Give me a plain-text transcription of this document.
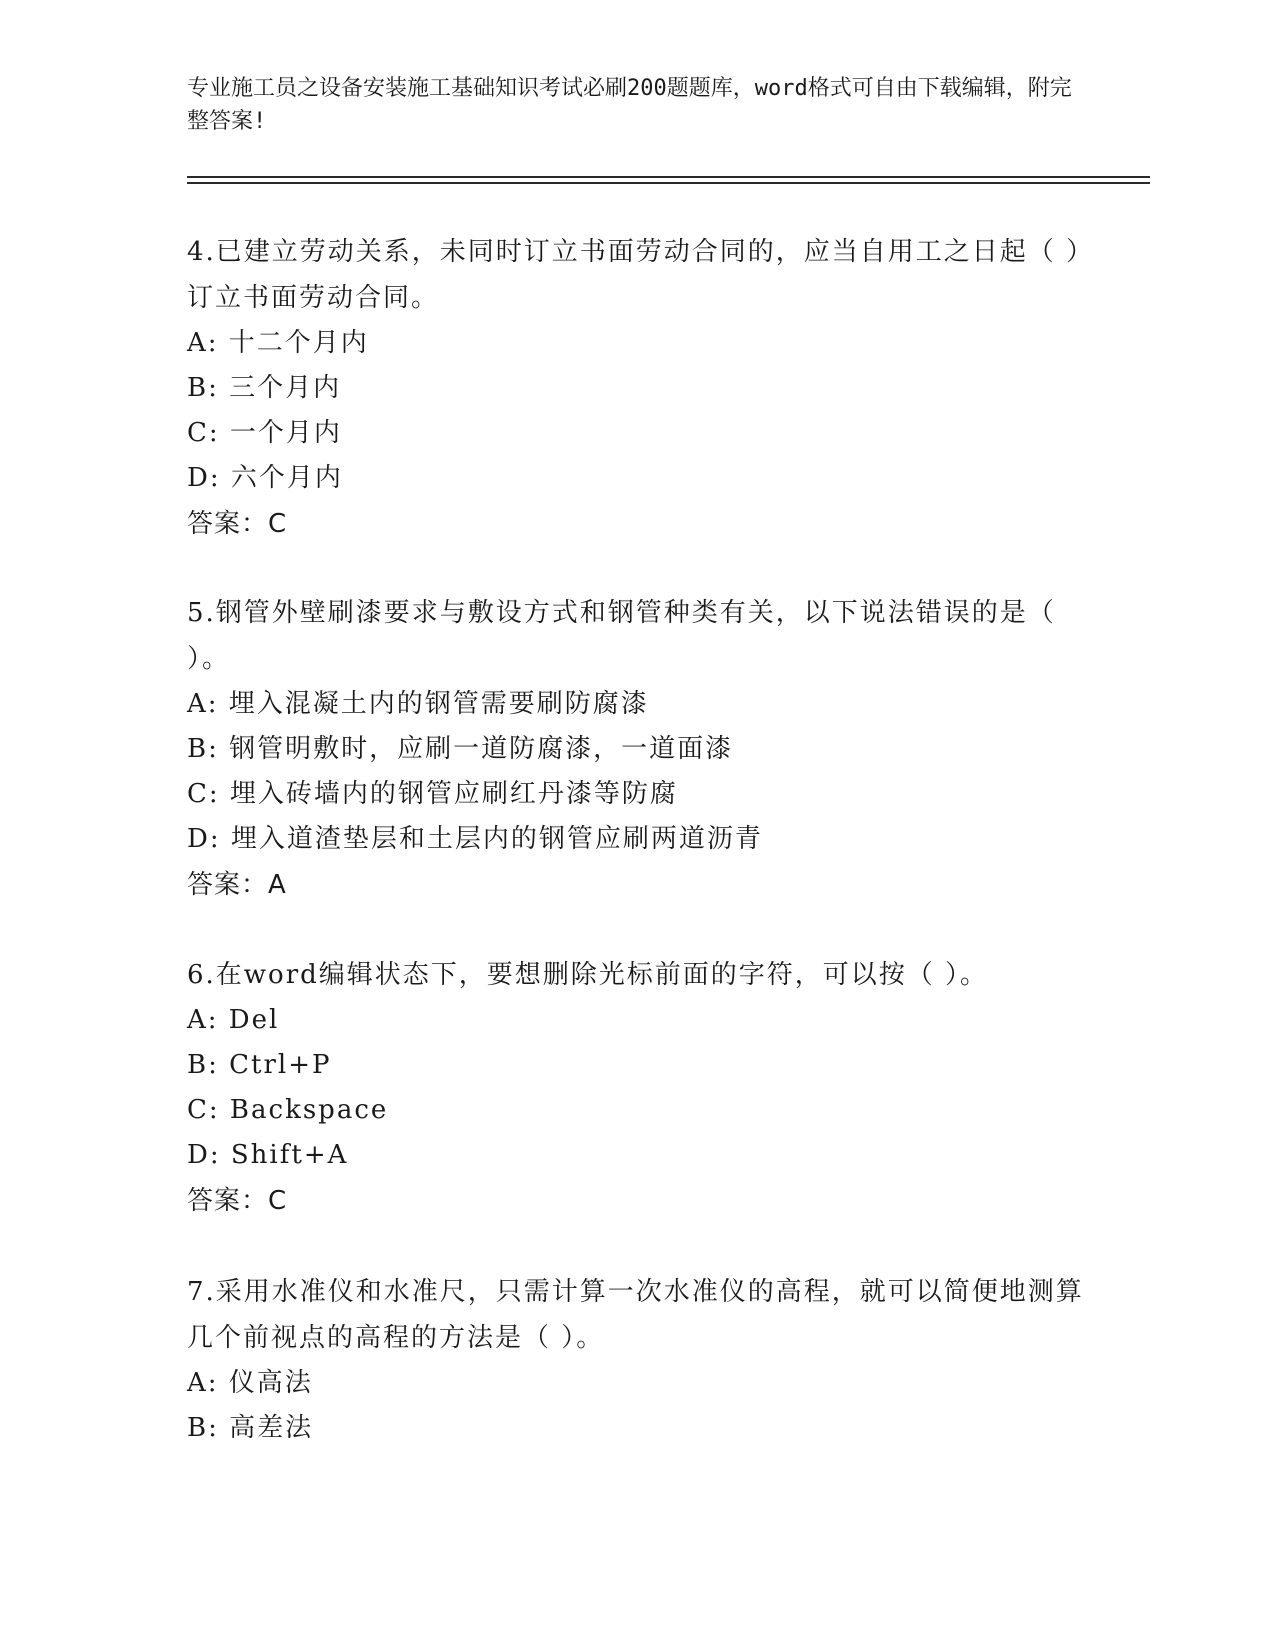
专业施工员之设备安装施工基础知识考试必刷200题题库，word格式可自由下载编辑，附完整答案!
4.已建立劳动关系，未同时订立书面劳动合同的，应当自用工之日起（ ）订立书面劳动合同。
A: 十二个月内
B: 三个月内
C: 一个月内
D: 六个月内
答案：C
5.钢管外壁刷漆要求与敷设方式和钢管种类有关，以下说法错误的是（ ）。
A: 埋入混凝土内的钢管需要刷防腐漆
B: 钢管明敷时，应刷一道防腐漆，一道面漆
C: 埋入砖墙内的钢管应刷红丹漆等防腐
D: 埋入道渣垫层和土层内的钢管应刷两道沥青
答案：A
6.在word编辑状态下，要想删除光标前面的字符，可以按（ ）。
A: Del
B: Ctrl+P
C: Backspace
D: Shift+A
答案：C
7.采用水准仪和水准尺，只需计算一次水准仪的高程，就可以简便地测算几个前视点的高程的方法是（ ）。
A: 仪高法
B: 高差法
